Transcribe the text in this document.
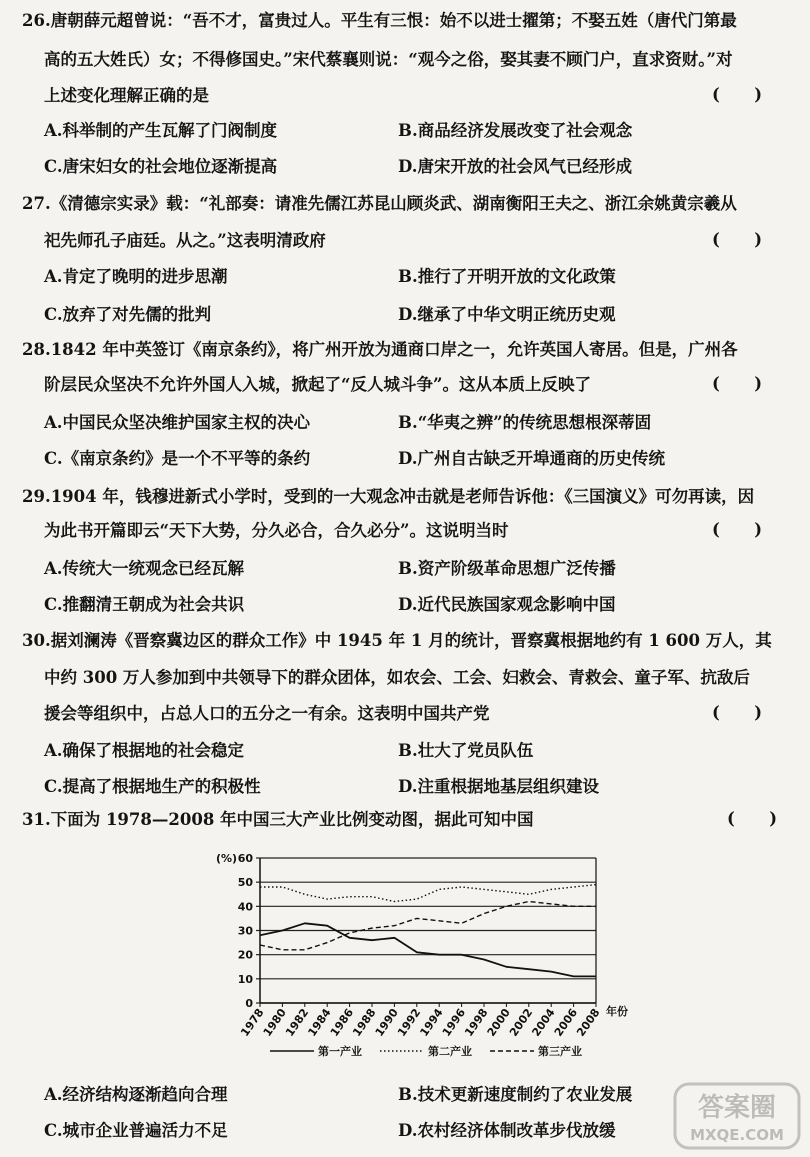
26.唐朝薛元超曾说：“吾不才，富贵过人。平生有三恨：始不以进士擢第；不娶五姓（唐代门第最
高的五大姓氏）女；不得修国史。”宋代蔡襄则说：“观今之俗，娶其妻不顾门户，直求资财。”对
上述变化理解正确的是	(      )
A.科举制的产生瓦解了门阀制度	B.商品经济发展改变了社会观念
C.唐宋妇女的社会地位逐渐提高	D.唐宋开放的社会风气已经形成
27.《清德宗实录》载：“礼部奏：请准先儒江苏昆山顾炎武、湖南衡阳王夫之、浙江余姚黄宗羲从
祀先师孔子庙廷。从之。”这表明清政府	(      )
A.肯定了晚明的进步思潮	B.推行了开明开放的文化政策
C.放弃了对先儒的批判	D.继承了中华文明正统历史观
28.1842 年中英签订《南京条约》，将广州开放为通商口岸之一，允许英国人寄居。但是，广州各
阶层民众坚决不允许外国人入城，掀起了“反人城斗争”。这从本质上反映了	(      )
A.中国民众坚决维护国家主权的决心	B.“华夷之辨”的传统思想根深蒂固
C.《南京条约》是一个不平等的条约	D.广州自古缺乏开埠通商的历史传统
29.1904 年，钱穆进新式小学时，受到的一大观念冲击就是老师告诉他：《三国演义》可勿再读，因
为此书开篇即云“天下大势，分久必合，合久必分”。这说明当时	(      )
A.传统大一统观念已经瓦解	B.资产阶级革命思想广泛传播
C.推翻清王朝成为社会共识	D.近代民族国家观念影响中国
30.据刘澜涛《晋察冀边区的群众工作》中 1945 年 1 月的统计，晋察冀根据地约有 1 600 万人，其
中约 300 万人参加到中共领导下的群众团体，如农会、工会、妇救会、青救会、童子军、抗敌后
援会等组织中，占总人口的五分之一有余。这表明中国共产党	(      )
A.确保了根据地的社会稳定	B.壮大了党员队伍
C.提高了根据地生产的积极性	D.注重根据地基层组织建设
31.下面为 1978—2008 年中国三大产业比例变动图，据此可知中国	(      )
0
10
20
30
40
50
60
(%)
1978
1980
1982
1984
1986
1988
1990
1992
1994
1996
1998
2000
2002
2004
2006
2008 年份
第一产业	第二产业	第三产业
A.经济结构逐渐趋向合理	B.技术更新速度制约了农业发展
C.城市企业普遍活力不足	D.农村经济体制改革步伐放缓
答案圈
MXQE.COM
